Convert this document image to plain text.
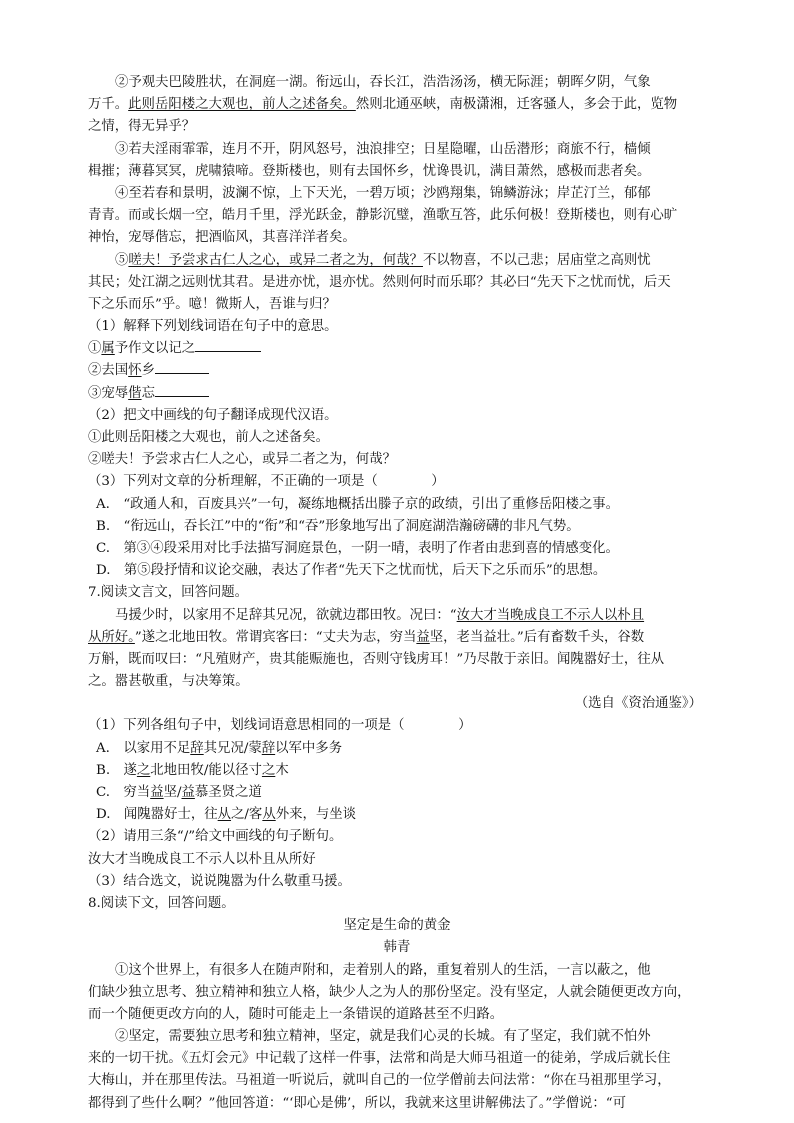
②予观夫巴陵胜状，在洞庭一湖。衔远山，吞长江，浩浩汤汤，横无际涯；朝晖夕阴，气象
万千。此则岳阳楼之大观也，前人之述备矣。然则北通巫峡，南极潇湘，迁客骚人，多会于此，览物
之情，得无异乎？
③若夫淫雨霏霏，连月不开，阴风怒号，浊浪排空；日星隐曜，山岳潜形；商旅不行，樯倾
楫摧；薄暮冥冥，虎啸猿啼。登斯楼也，则有去国怀乡，忧谗畏讥，满目萧然，感极而悲者矣。
④至若春和景明，波澜不惊，上下天光，一碧万顷；沙鸥翔集，锦鳞游泳；岸芷汀兰，郁郁
青青。而或长烟一空，皓月千里，浮光跃金，静影沉璧，渔歌互答，此乐何极！登斯楼也，则有心旷
神怡，宠辱偕忘，把酒临风，其喜洋洋者矣。
⑤嗟夫！予尝求古仁人之心，或异二者之为，何哉？不以物喜，不以己悲；居庙堂之高则忧
其民；处江湖之远则忧其君。是进亦忧，退亦忧。然则何时而乐耶？其必曰“先天下之忧而忧，后天
下之乐而乐”乎。噫！微斯人，吾谁与归？
（1）解释下列划线词语在句子中的意思。
①属予作文以记之
②去国怀乡
③宠辱偕忘
（2）把文中画线的句子翻译成现代汉语。
①此则岳阳楼之大观也，前人之述备矣。
②嗟夫！予尝求古仁人之心，或异二者之为，何哉？
（3）下列对文章的分析理解，不正确的一项是（　　　　）
A.　“政通人和，百废具兴”一句，凝练地概括出滕子京的政绩，引出了重修岳阳楼之事。
B.　“衔远山，吞长江”中的“衔”和“吞”形象地写出了洞庭湖浩瀚磅礴的非凡气势。
C.　第③④段采用对比手法描写洞庭景色，一阴一晴，表明了作者由悲到喜的情感变化。
D.　第⑤段抒情和议论交融，表达了作者“先天下之忧而忧，后天下之乐而乐”的思想。
7.阅读文言文，回答问题。
马援少时，以家用不足辞其兄况，欲就边郡田牧。况曰：“汝大才当晚成良工不示人以朴且
从所好。”遂之北地田牧。常谓宾客曰：“丈夫为志，穷当益坚，老当益壮。”后有畜数千头，谷数
万斛，既而叹曰：“凡殖财产，贵其能赈施也，否则守钱虏耳！”乃尽散于亲旧。闻隗嚣好士，往从
之。嚣甚敬重，与决筹策。
（选自《资治通鉴》）
（1）下列各组句子中，划线词语意思相同的一项是（　　　　）
A.　以家用不足辞其兄况/蒙辞以军中多务
B.　遂之北地田牧/能以径寸之木
C.　穷当益坚/益慕圣贤之道
D.　闻隗嚣好士，往从之/客从外来，与坐谈
（2）请用三条“/”给文中画线的句子断句。
汝大才当晚成良工不示人以朴且从所好
（3）结合选文，说说隗嚣为什么敬重马援。
8.阅读下文，回答问题。
坚定是生命的黄金
韩青
①这个世界上，有很多人在随声附和，走着别人的路，重复着别人的生活，一言以蔽之，他
们缺少独立思考、独立精神和独立人格，缺少人之为人的那份坚定。没有坚定，人就会随便更改方向，
而一个随便更改方向的人，随时可能走上一条错误的道路甚至不归路。
②坚定，需要独立思考和独立精神，坚定，就是我们心灵的长城。有了坚定，我们就不怕外
来的一切干扰。《五灯会元》中记载了这样一件事，法常和尚是大师马祖道一的徒弟，学成后就长住
大梅山，并在那里传法。马祖道一听说后，就叫自己的一位学僧前去问法常：“你在马祖那里学习，
都得到了些什么啊？”他回答道：“‘即心是佛’，所以，我就来这里讲解佛法了。”学僧说：“可
